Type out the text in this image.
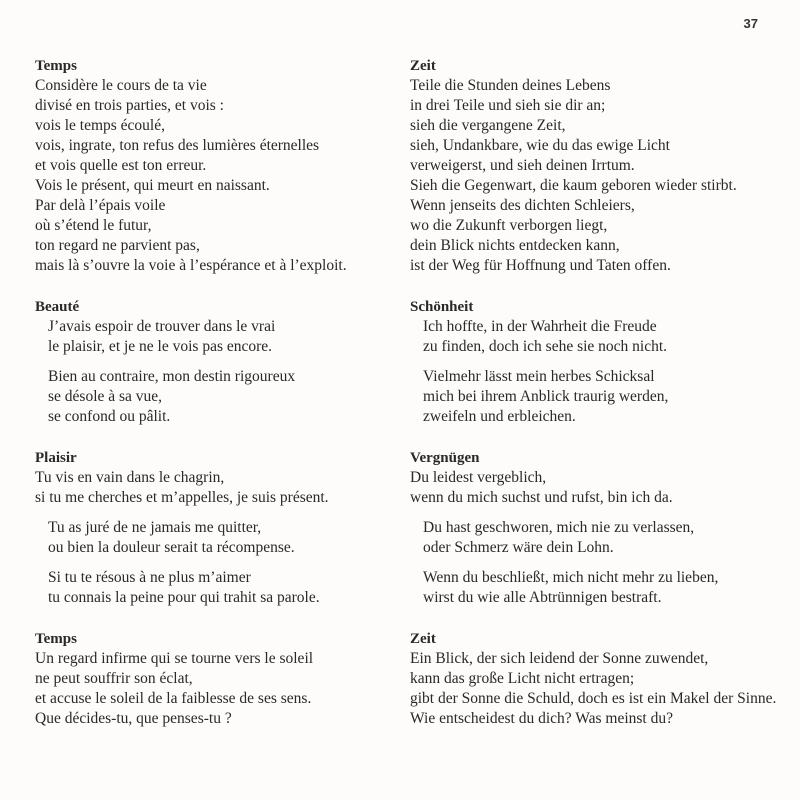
37
Temps
Considère le cours de ta vie
divisé en trois parties, et vois :
vois le temps écoulé,
vois, ingrate, ton refus des lumières éternelles
et vois quelle est ton erreur.
Vois le présent, qui meurt en naissant.
Par delà l’épais voile
où s’étend le futur,
ton regard ne parvient pas,
mais là s’ouvre la voie à l’espérance et à l’exploit.
Beauté
J’avais espoir de trouver dans le vrai
le plaisir, et je ne le vois pas encore.
Bien au contraire, mon destin rigoureux
se désole à sa vue,
se confond ou pâlit.
Plaisir
Tu vis en vain dans le chagrin,
si tu me cherches et m’appelles, je suis présent.
Tu as juré de ne jamais me quitter,
ou bien la douleur serait ta récompense.
Si tu te résous à ne plus m’aimer
tu connais la peine pour qui trahit sa parole.
Temps
Un regard infirme qui se tourne vers le soleil
ne peut souffrir son éclat,
et accuse le soleil de la faiblesse de ses sens.
Que décides-tu, que penses-tu ?
Zeit
Teile die Stunden deines Lebens
in drei Teile und sieh sie dir an;
sieh die vergangene Zeit,
sieh, Undankbare, wie du das ewige Licht
verweigerst, und sieh deinen Irrtum.
Sieh die Gegenwart, die kaum geboren wieder stirbt.
Wenn jenseits des dichten Schleiers,
wo die Zukunft verborgen liegt,
dein Blick nichts entdecken kann,
ist der Weg für Hoffnung und Taten offen.
Schönheit
Ich hoffte, in der Wahrheit die Freude
zu finden, doch ich sehe sie noch nicht.
Vielmehr lässt mein herbes Schicksal
mich bei ihrem Anblick traurig werden,
zweifeln und erbleichen.
Vergnügen
Du leidest vergeblich,
wenn du mich suchst und rufst, bin ich da.
Du hast geschworen, mich nie zu verlassen,
oder Schmerz wäre dein Lohn.
Wenn du beschließt, mich nicht mehr zu lieben,
wirst du wie alle Abtrünnigen bestraft.
Zeit
Ein Blick, der sich leidend der Sonne zuwendet,
kann das große Licht nicht ertragen;
gibt der Sonne die Schuld, doch es ist ein Makel der Sinne.
Wie entscheidest du dich? Was meinst du?
